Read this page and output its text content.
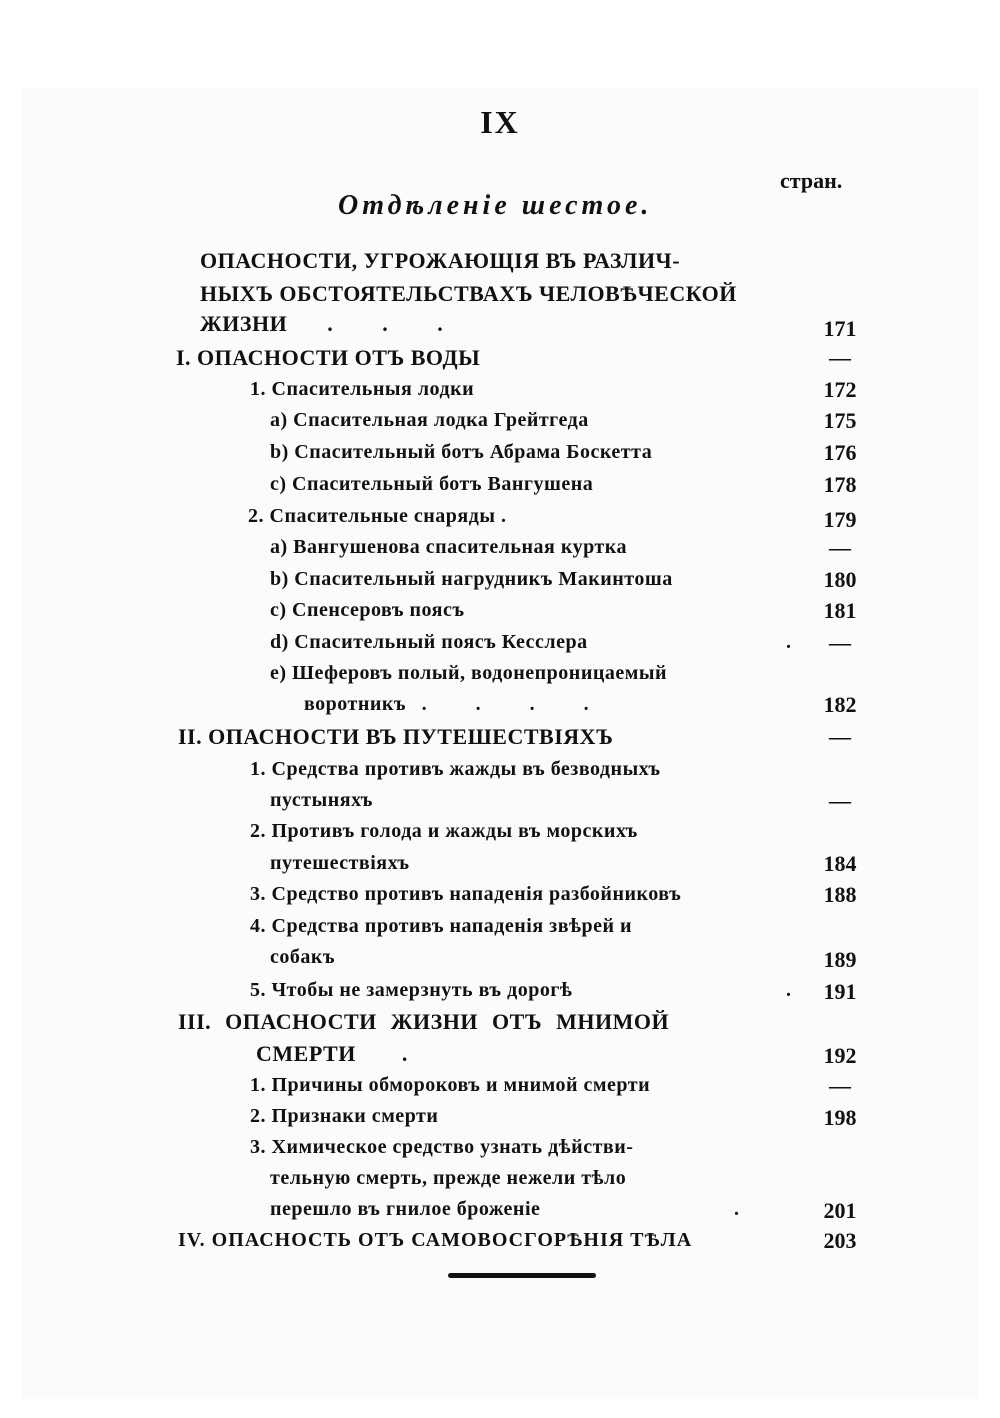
IX
стран.
Отдѣленіе шестое.
ОПАСНОСТИ, УГРОЖАЮЩІЯ ВЪ РАЗЛИЧ-
НЫХЪ ОБСТОЯТЕЛЬСТВАХЪ ЧЕЛОВѢЧЕСКОЙ
ЖИЗНИ . . .	171
I. ОПАСНОСТИ ОТЪ ВОДЫ	—
1. Спасительныя лодки	172
a) Спасительная лодка Грейтгеда	175
b) Спасительный ботъ Абрама Боскетта	176
c) Спасительный ботъ Вангушена	178
2. Спасительные снаряды .	179
a) Вангушенова спасительная куртка	—
b) Спасительный нагрудникъ Макинтоша	180
c) Спенсеровъ поясъ	181
d) Спасительный поясъ Кесслера	.	—
e) Шеферовъ полый, водонепроницаемый
воротникъ . . . .	182
II. ОПАСНОСТИ ВЪ ПУТЕШЕСТВІЯХЪ	—
1. Средства противъ жажды въ безводныхъ
пустыняхъ	—
2. Противъ голода и жажды въ морскихъ
путешествіяхъ	184
3. Средство противъ нападенія разбойниковъ	188
4. Средства противъ нападенія звѣрей и
собакъ	189
5. Чтобы не замерзнуть въ дорогѣ	.	191
III. ОПАСНОСТИ ЖИЗНИ ОТЪ МНИМОЙ
СМЕРТИ .	192
1. Причины обмороковъ и мнимой смерти	—
2. Признаки смерти	198
3. Химическое средство узнать дѣйстви-
тельную смерть, прежде нежели тѣло
перешло въ гнилое броженіе	.	201
IV. ОПАСНОСТЬ ОТЪ САМОВОСГОРѢНІЯ ТѢЛА	203
